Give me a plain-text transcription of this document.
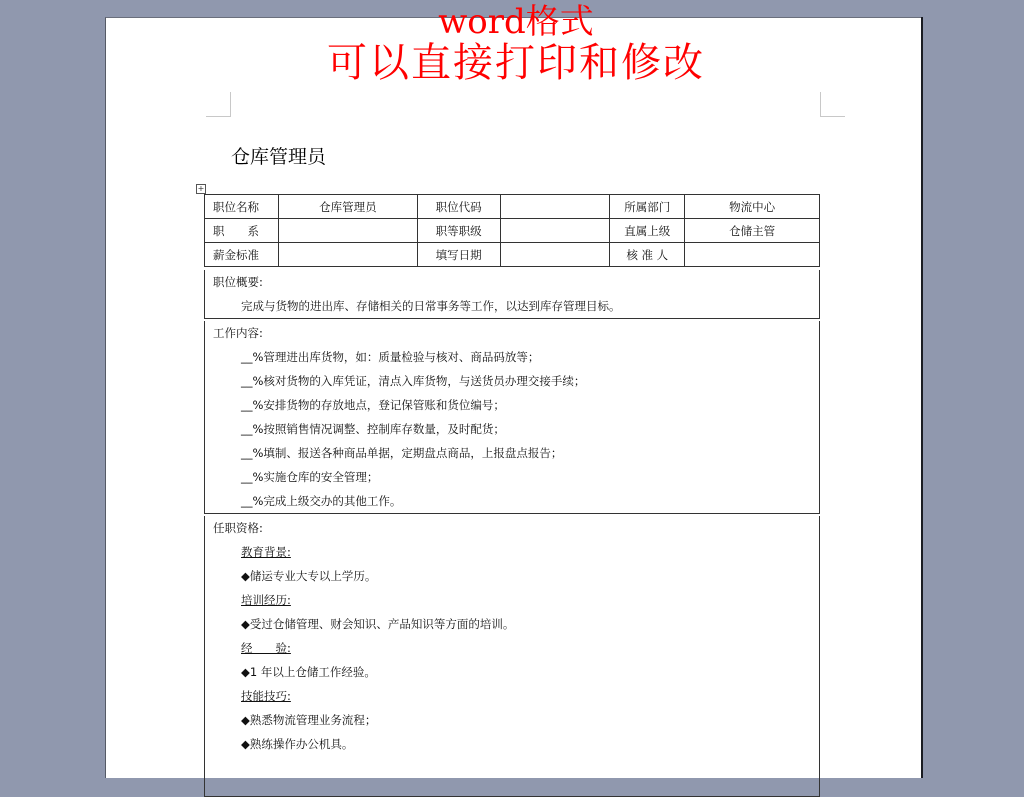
word格式
可以直接打印和修改
仓库管理员
+
职位名称	仓库管理员	职位代码		所属部门	物流中心
职　　系		职等职级		直属上级	仓储主管
薪金标准		填写日期		核 准 人	
职位概要:
完成与货物的进出库、存储相关的日常事务等工作，以达到库存管理目标。
工作内容:
__%管理进出库货物，如：质量检验与核对、商品码放等；
__%核对货物的入库凭证，清点入库货物，与送货员办理交接手续；
__%安排货物的存放地点，登记保管账和货位编号；
__%按照销售情况调整、控制库存数量，及时配货；
__%填制、报送各种商品单据，定期盘点商品，上报盘点报告；
__%实施仓库的安全管理；
__%完成上级交办的其他工作。
任职资格:
教育背景:
◆储运专业大专以上学历。
培训经历:
◆受过仓储管理、财会知识、产品知识等方面的培训。
经　　验:
◆1 年以上仓储工作经验。
技能技巧:
◆熟悉物流管理业务流程；
◆熟练操作办公机具。
